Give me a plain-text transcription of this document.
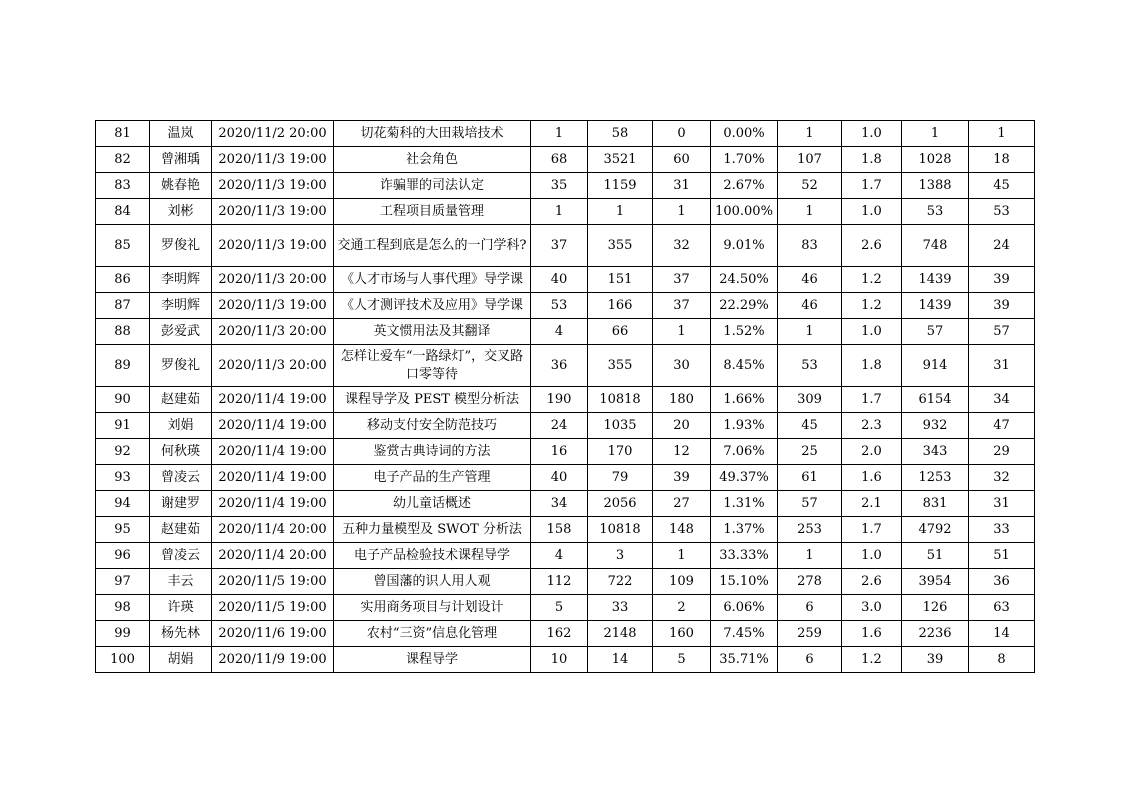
81	温岚	2020/11/2 20:00	切花菊科的大田栽培技术	1	58	0	0.00%	1	1.0	1	1
82	曾湘瑀	2020/11/3 19:00	社会角色	68	3521	60	1.70%	107	1.8	1028	18
83	姚春艳	2020/11/3 19:00	诈骗罪的司法认定	35	1159	31	2.67%	52	1.7	1388	45
84	刘彬	2020/11/3 19:00	工程项目质量管理	1	1	1	100.00%	1	1.0	53	53
85	罗俊礼	2020/11/3 19:00	交通工程到底是怎么的一门学科?	37	355	32	9.01%	83	2.6	748	24
86	李明辉	2020/11/3 20:00	《人才市场与人事代理》导学课	40	151	37	24.50%	46	1.2	1439	39
87	李明辉	2020/11/3 19:00	《人才测评技术及应用》导学课	53	166	37	22.29%	46	1.2	1439	39
88	彭爱武	2020/11/3 20:00	英文惯用法及其翻译	4	66	1	1.52%	1	1.0	57	57
89	罗俊礼	2020/11/3 20:00	怎样让爱车“一路绿灯”，交叉路口零等待	36	355	30	8.45%	53	1.8	914	31
90	赵建茹	2020/11/4 19:00	课程导学及 PEST 模型分析法	190	10818	180	1.66%	309	1.7	6154	34
91	刘娟	2020/11/4 19:00	移动支付安全防范技巧	24	1035	20	1.93%	45	2.3	932	47
92	何秋瑛	2020/11/4 19:00	鉴赏古典诗词的方法	16	170	12	7.06%	25	2.0	343	29
93	曾凌云	2020/11/4 19:00	电子产品的生产管理	40	79	39	49.37%	61	1.6	1253	32
94	谢建罗	2020/11/4 19:00	幼儿童话概述	34	2056	27	1.31%	57	2.1	831	31
95	赵建茹	2020/11/4 20:00	五种力量模型及 SWOT 分析法	158	10818	148	1.37%	253	1.7	4792	33
96	曾凌云	2020/11/4 20:00	电子产品检验技术课程导学	4	3	1	33.33%	1	1.0	51	51
97	丰云	2020/11/5 19:00	曾国藩的识人用人观	112	722	109	15.10%	278	2.6	3954	36
98	许瑛	2020/11/5 19:00	实用商务项目与计划设计	5	33	2	6.06%	6	3.0	126	63
99	杨先林	2020/11/6 19:00	农村“三资”信息化管理	162	2148	160	7.45%	259	1.6	2236	14
100	胡娟	2020/11/9 19:00	课程导学	10	14	5	35.71%	6	1.2	39	8
